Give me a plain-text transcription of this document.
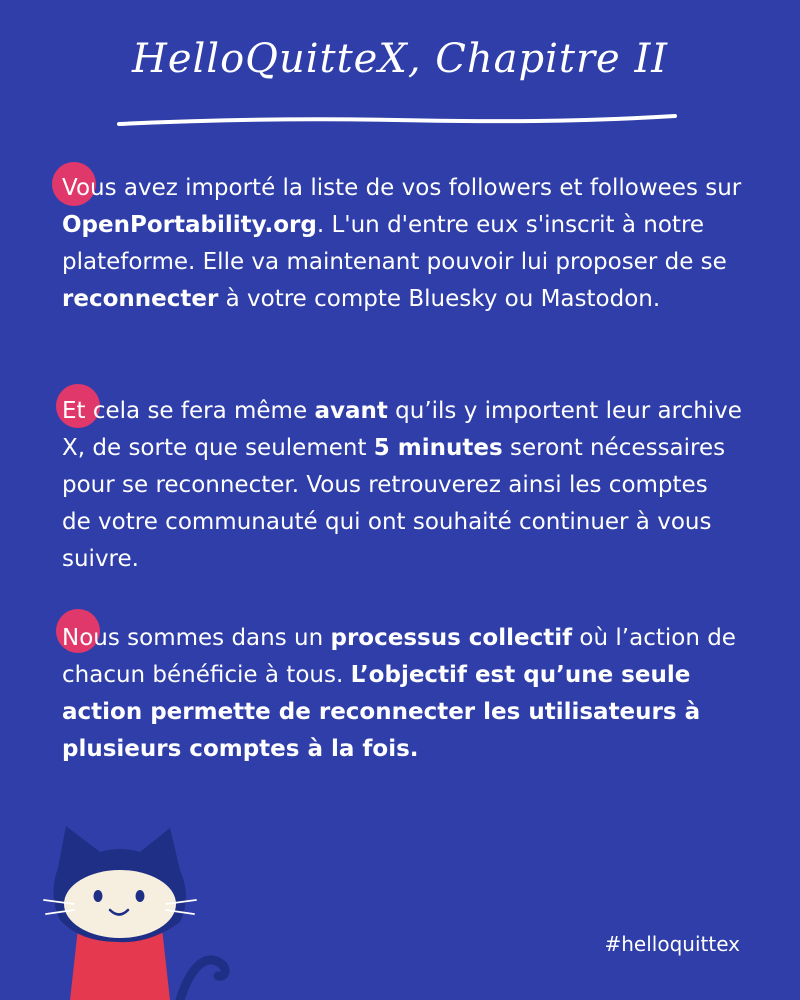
HelloQuitteX, Chapitre II

Vous avez importé la liste de vos followers et followees sur OpenPortability.org. L'un d'entre eux s'inscrit à notre plateforme. Elle va maintenant pouvoir lui proposer de se reconnecter à votre compte Bluesky ou Mastodon.

Et cela se fera même avant qu’ils y importent leur archive X, de sorte que seulement 5 minutes seront nécessaires pour se reconnecter. Vous retrouverez ainsi les comptes de votre communauté qui ont souhaité continuer à vous suivre.

Nous sommes dans un processus collectif où l’action de chacun bénéficie à tous. L’objectif est qu’une seule action permette de reconnecter les utilisateurs à plusieurs comptes à la fois.

#helloquittex
